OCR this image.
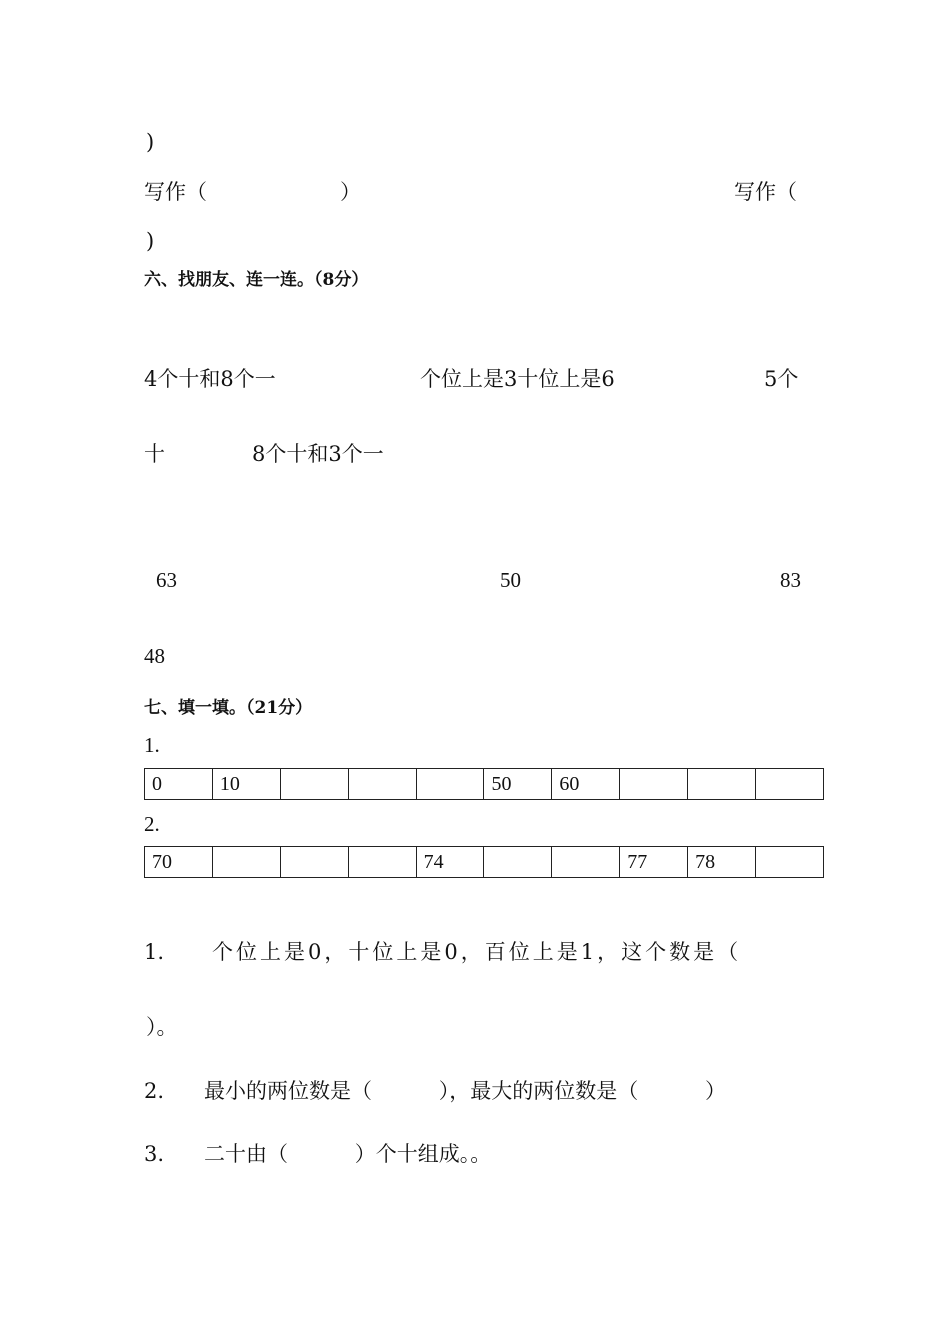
)
写作（	）	写作（
)
六、找朋友、连一连。（8分）
4个十和8个一	个位上是3十位上是6	5个
十	8个十和3个一
63	50	83
48
七、填一填。（21分）
1.
0	10				50	60			
2.
70				74			77	78	
1. 个位上是0，十位上是0，百位上是1，这个数是（
）。
2. 最小的两位数是（          ），最大的两位数是（          ）
3. 二十由（          ）个十组成。。
